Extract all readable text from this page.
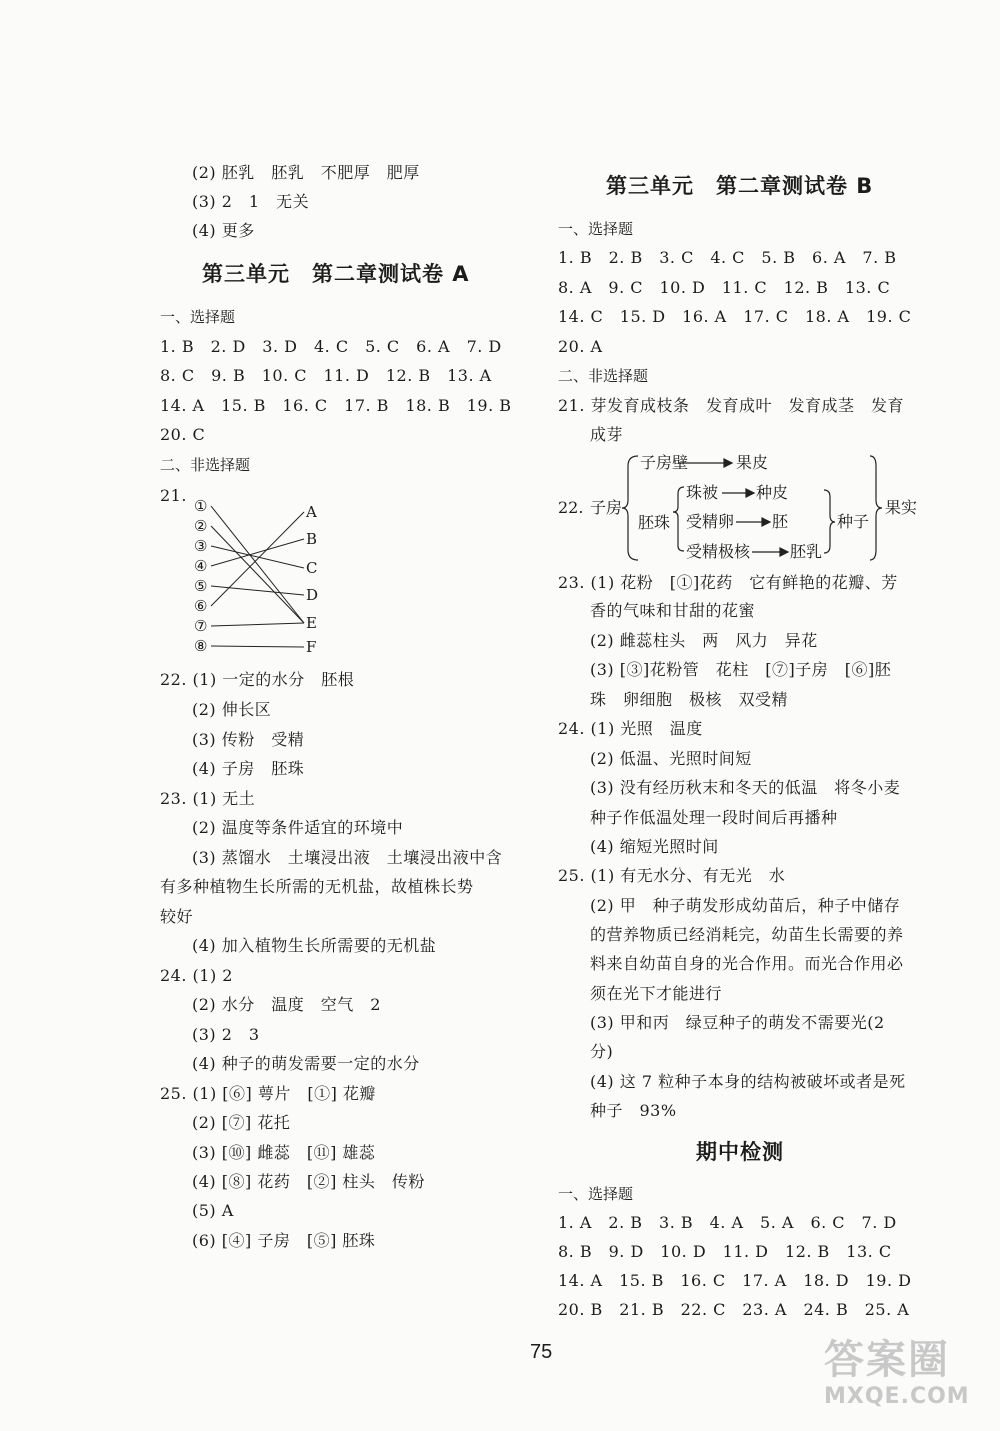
(2) 胚乳　胚乳　不肥厚　肥厚
(3) 2　1　无关
(4) 更多
第三单元　第二章测试卷 A
一、选择题
1. B　2. D　3. D　4. C　5. C　6. A　7. D
8. C　9. B　10. C　11. D　12. B　13. A
14. A　15. B　16. C　17. B　18. B　19. B
20. C
二、非选择题
21.
①
②
③
④
⑤
⑥
⑦
⑧
A
B
C
D
E
F
22. (1) 一定的水分　胚根
(2) 伸长区
(3) 传粉　受精
(4) 子房　胚珠
23. (1) 无土
(2) 温度等条件适宜的环境中
(3) 蒸馏水　土壤浸出液　土壤浸出液中含
有多种植物生长所需的无机盐，故植株长势
较好
(4) 加入植物生长所需要的无机盐
24. (1) 2
(2) 水分　温度　空气　2
(3) 2　3
(4) 种子的萌发需要一定的水分
25. (1) [⑥] 萼片　[①] 花瓣
(2) [⑦] 花托
(3) [⑩] 雌蕊　[⑪] 雄蕊
(4) [⑧] 花药　[②] 柱头　传粉
(5) A
(6) [④] 子房　[⑤] 胚珠
第三单元　第二章测试卷 B
一、选择题
1. B　2. B　3. C　4. C　5. B　6. A　7. B
8. A　9. C　10. D　11. C　12. B　13. C
14. C　15. D　16. A　17. C　18. A　19. C
20. A
二、非选择题
21. 芽发育成枝条　发育成叶　发育成茎　发育
成芽
22. 子房
子房壁	果皮
胚珠
珠被 种皮
受精卵 胚
受精极核 胚乳
种子
果实
23. (1) 花粉　[①]花药　它有鲜艳的花瓣、芳
香的气味和甘甜的花蜜
(2) 雌蕊柱头　两　风力　异花
(3) [③]花粉管　花柱　[⑦]子房　[⑥]胚
珠　卵细胞　极核　双受精
24. (1) 光照　温度
(2) 低温、光照时间短
(3) 没有经历秋末和冬天的低温　将冬小麦
种子作低温处理一段时间后再播种
(4) 缩短光照时间
25. (1) 有无水分、有无光　水
(2) 甲　种子萌发形成幼苗后，种子中储存
的营养物质已经消耗完，幼苗生长需要的养
料来自幼苗自身的光合作用。而光合作用必
须在光下才能进行
(3) 甲和丙　绿豆种子的萌发不需要光(2
分)
(4) 这 7 粒种子本身的结构被破坏或者是死
种子　93%
期中检测
一、选择题
1. A　2. B　3. B　4. A　5. A　6. C　7. D
8. B　9. D　10. D　11. D　12. B　13. C
14. A　15. B　16. C　17. A　18. D　19. D
20. B　21. B　22. C　23. A　24. B　25. A
75	答案圈
MXQE.COM
